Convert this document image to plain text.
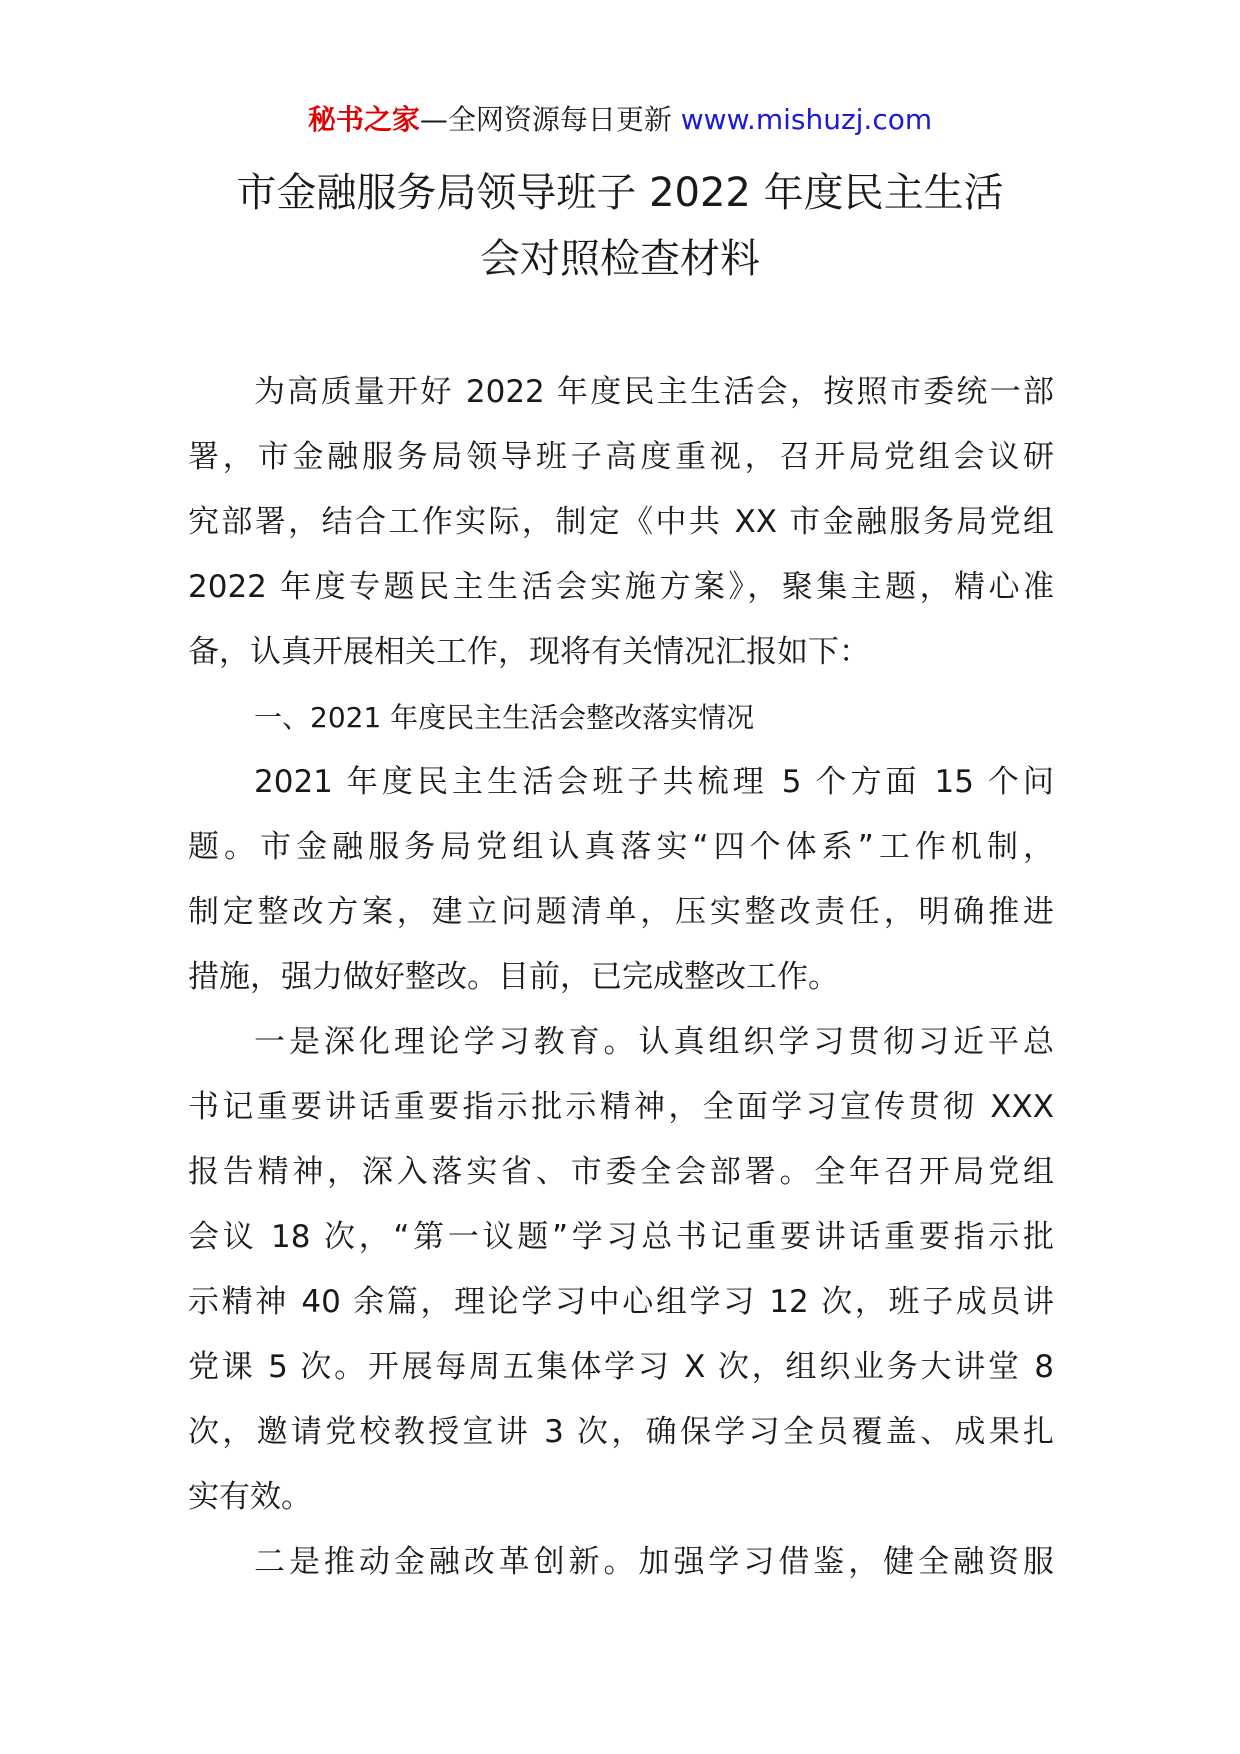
秘书之家—全网资源每日更新 www.mishuzj.com
市金融服务局领导班子 2022 年度民主生活
会对照检查材料
为高质量开好 2022 年度民主生活会，按照市委统一部
署，市金融服务局领导班子高度重视，召开局党组会议研
究部署，结合工作实际，制定《中共 XX 市金融服务局党组
2022 年度专题民主生活会实施方案》，聚集主题，精心准
备，认真开展相关工作，现将有关情况汇报如下：
一、2021 年度民主生活会整改落实情况
2021 年度民主生活会班子共梳理 5 个方面 15 个问
题。市金融服务局党组认真落实“四个体系”工作机制，
制定整改方案，建立问题清单，压实整改责任，明确推进
措施，强力做好整改。目前，已完成整改工作。
一是深化理论学习教育。认真组织学习贯彻习近平总
书记重要讲话重要指示批示精神，全面学习宣传贯彻 XXX
报告精神，深入落实省、市委全会部署。全年召开局党组
会议 18 次，“第一议题”学习总书记重要讲话重要指示批
示精神 40 余篇，理论学习中心组学习 12 次，班子成员讲
党课 5 次。开展每周五集体学习 X 次，组织业务大讲堂 8
次，邀请党校教授宣讲 3 次，确保学习全员覆盖、成果扎
实有效。
二是推动金融改革创新。加强学习借鉴，健全融资服
